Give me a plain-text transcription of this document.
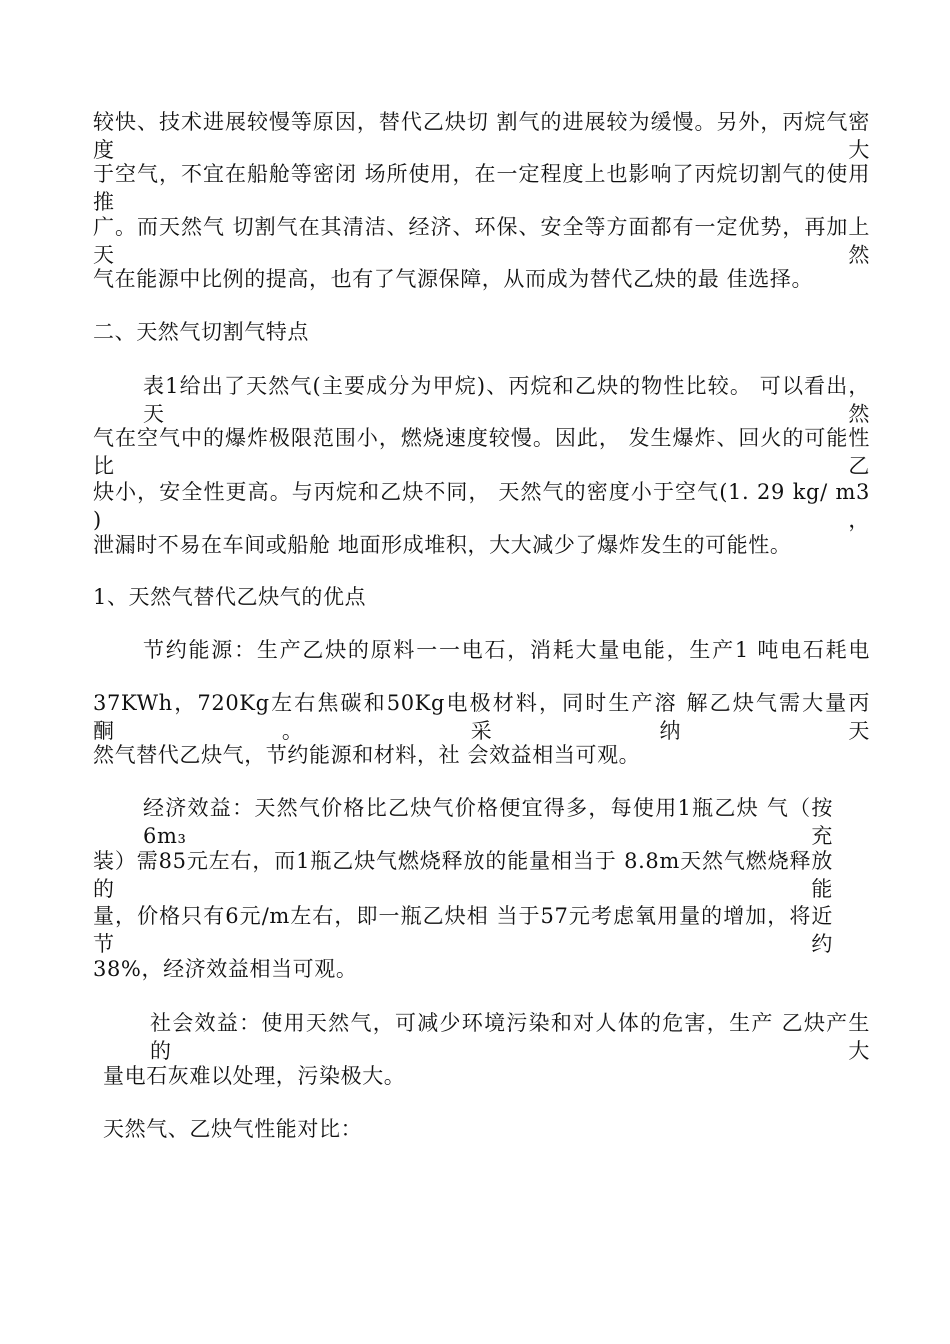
较快、技术进展较慢等原因，替代乙炔切 割气的进展较为缓慢。另外，丙烷气密度大
于空气，不宜在船舱等密闭 场所使用，在一定程度上也影响了丙烷切割气的使用推
广。而天然气 切割气在其清洁、经济、环保、安全等方面都有一定优势，再加上天 然
气在能源中比例的提高，也有了气源保障，从而成为替代乙炔的最 佳选择。
二、天然气切割气特点
表1给出了天然气(主要成分为甲烷)、丙烷和乙炔的物性比较。 可以看出，天然
气在空气中的爆炸极限范围小，燃烧速度较慢。因此， 发生爆炸、回火的可能性比乙
炔小，安全性更高。与丙烷和乙炔不同， 天然气的密度小于空气(1. 29 kg/ m3 )，
泄漏时不易在车间或船舱 地面形成堆积，大大减少了爆炸发生的可能性。
1、天然气替代乙炔气的优点
节约能源：生产乙炔的原料一一电石，消耗大量电能，生产1 吨电石耗电
37KWh，720Kg左右焦碳和50Kg电极材料，同时生产溶 解乙炔气需大量丙酮。采纳天
然气替代乙炔气，节约能源和材料，社 会效益相当可观。
经济效益：天然气价格比乙炔气价格便宜得多，每使用1瓶乙炔 气（按6m₃充
装）需85元左右，而1瓶乙炔气燃烧释放的能量相当于 8.8m天然气燃烧释放的能
量，价格只有6元/m左右，即一瓶乙炔相 当于57元考虑氧用量的增加，将近节约
38%，经济效益相当可观。
社会效益：使用天然气，可减少环境污染和对人体的危害，生产 乙炔产生的大
量电石灰难以处理，污染极大。
天然气、乙炔气性能对比：
